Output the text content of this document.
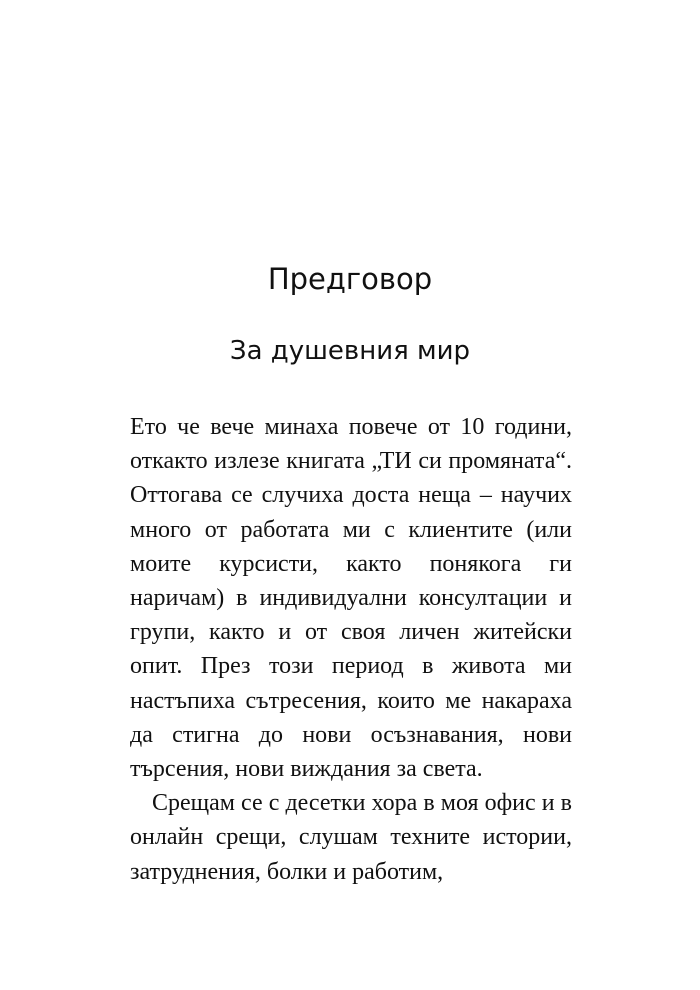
Предговор
За душевния мир

Ето че вече минаха повече от 10 години, откакто излезе книгата „ТИ си промяната“. Оттогава се случиха доста неща – научих много от работата ми с клиентите (или моите курсисти, както понякога ги наричам) в индивидуални консултации и групи, както и от своя личен житейски опит. През този период в живота ми настъпиха сътресения, които ме накараха да стигна до нови осъзнавания, нови търсения, нови виждания за света.

Срещам се с десетки хора в моя офис и в онлайн срещи, слушам техните истории, затруднения, болки и работим,
